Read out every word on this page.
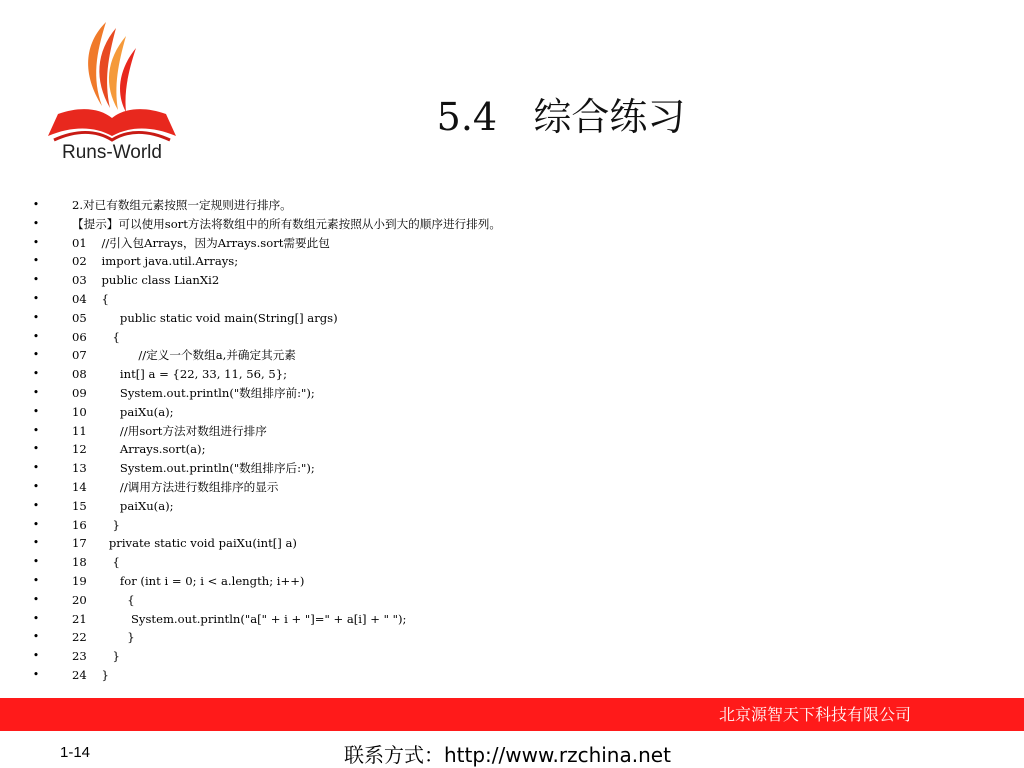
Runs-World
5.4   综合练习
•	2.对已有数组元素按照一定规则进行排序。
•	【提示】可以使用sort方法将数组中的所有数组元素按照从小到大的顺序进行排列。
•	01    //引入包Arrays，因为Arrays.sort需要此包
•	02    import java.util.Arrays;
•	03    public class LianXi2
•	04    {
•	05         public static void main(String[] args)
•	06       {
•	07              //定义一个数组a,并确定其元素
•	08         int[] a = {22, 33, 11, 56, 5};
•	09         System.out.println("数组排序前:");
•	10         paiXu(a);
•	11         //用sort方法对数组进行排序
•	12         Arrays.sort(a);
•	13         System.out.println("数组排序后:");
•	14         //调用方法进行数组排序的显示
•	15         paiXu(a);
•	16       }
•	17      private static void paiXu(int[] a)
•	18       {
•	19         for (int i = 0; i < a.length; i++)
•	20           {
•	21            System.out.println("a[" + i + "]=" + a[i] + " ");
•	22           }
•	23       }
•	24    }
北京源智天下科技有限公司
1-14	联系方式：http://www.rzchina.net
